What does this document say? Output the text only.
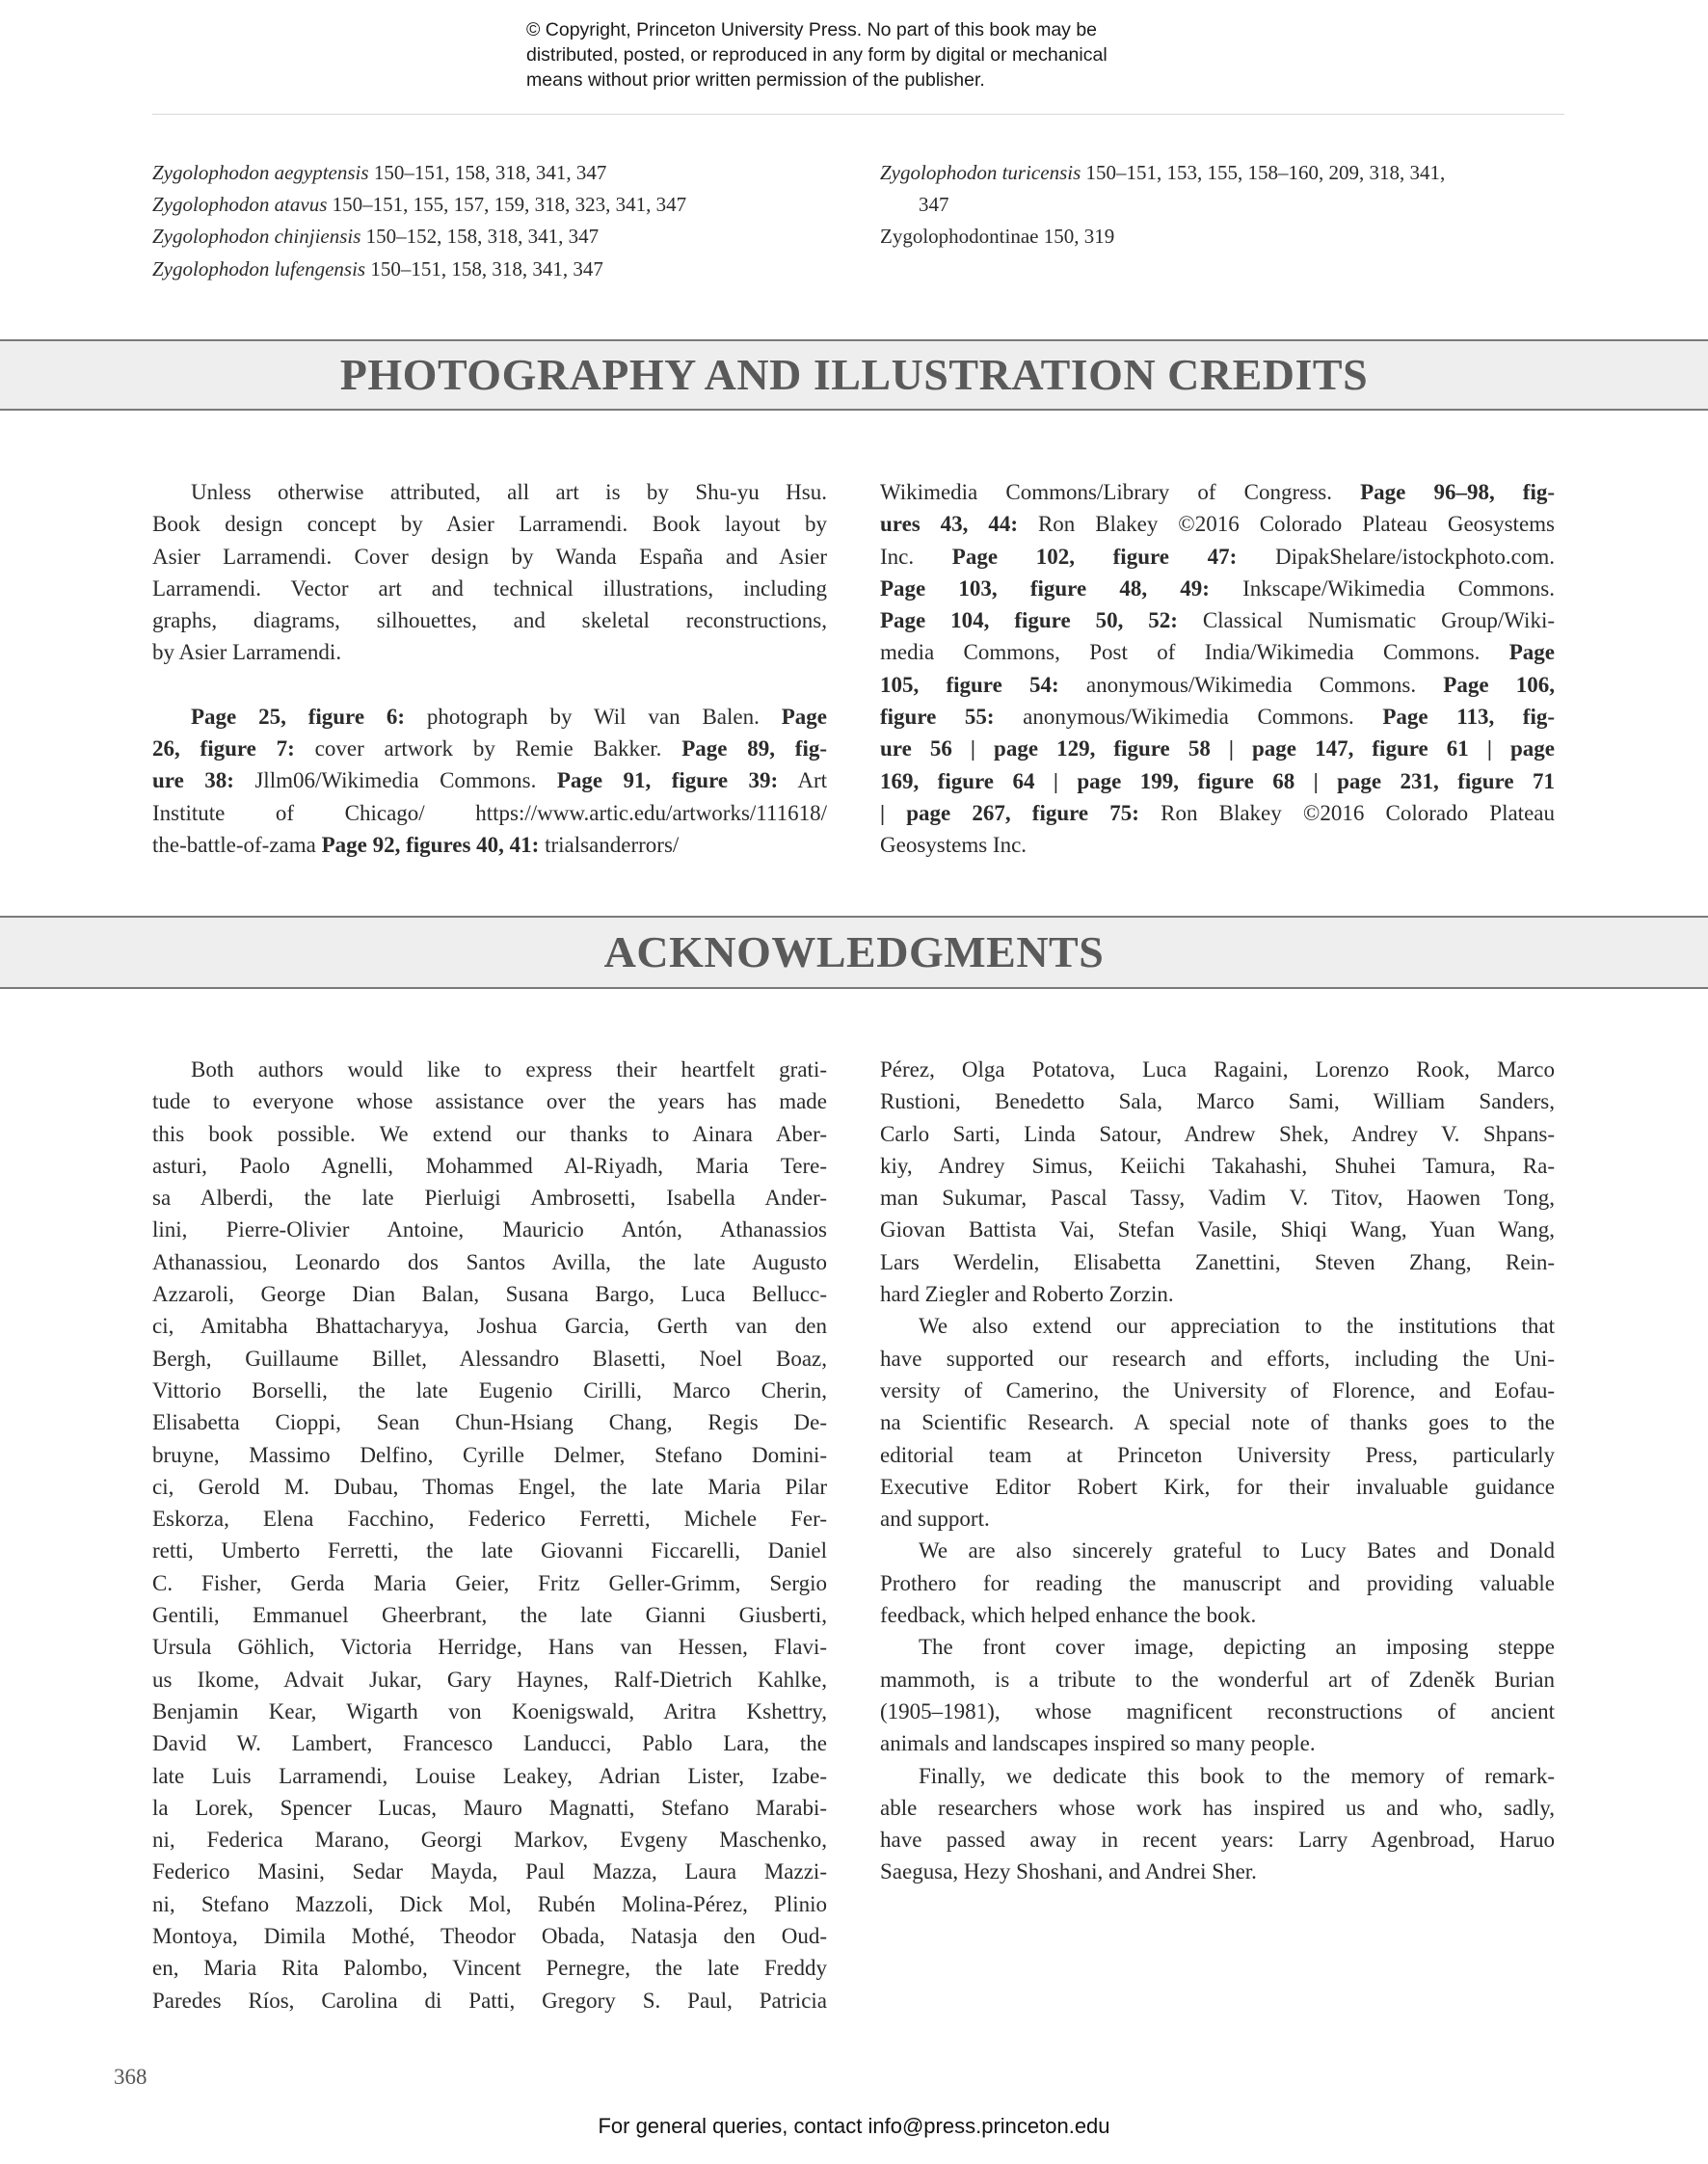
© Copyright, Princeton University Press. No part of this book may be
distributed, posted, or reproduced in any form by digital or mechanical
means without prior written permission of the publisher.
Zygolophodon aegyptensis 150–151, 158, 318, 341, 347
Zygolophodon atavus 150–151, 155, 157, 159, 318, 323, 341, 347
Zygolophodon chinjiensis 150–152, 158, 318, 341, 347
Zygolophodon lufengensis 150–151, 158, 318, 341, 347
Zygolophodon turicensis 150–151, 153, 155, 158–160, 209, 318, 341,
347
Zygolophodontinae 150, 319
PHOTOGRAPHY AND ILLUSTRATION CREDITS
Unless otherwise attributed, all art is by Shu-yu Hsu.
Book design concept by Asier Larramendi. Book layout by
Asier Larramendi. Cover design by Wanda España and Asier
Larramendi. Vector art and technical illustrations, including
graphs, diagrams, silhouettes, and skeletal reconstructions,
by Asier Larramendi.
Page 25, figure 6: photograph by Wil van Balen. Page
26, figure 7: cover artwork by Remie Bakker. Page 89, fig-
ure 38: Jllm06/Wikimedia Commons. Page 91, figure 39: Art
Institute of Chicago/ https://www.artic.edu/artworks/111618/
the-battle-of-zama Page 92, figures 40, 41: trialsanderrors/
Wikimedia Commons/Library of Congress. Page 96–98, fig-
ures 43, 44: Ron Blakey ©2016 Colorado Plateau Geosystems
Inc. Page 102, figure 47: DipakShelare/istockphoto.com.
Page 103, figure 48, 49: Inkscape/Wikimedia Commons.
Page 104, figure 50, 52: Classical Numismatic Group/Wiki-
media Commons, Post of India/Wikimedia Commons. Page
105, figure 54: anonymous/Wikimedia Commons. Page 106,
figure 55: anonymous/Wikimedia Commons. Page 113, fig-
ure 56 | page 129, figure 58 | page 147, figure 61 | page
169, figure 64 | page 199, figure 68 | page 231, figure 71
| page 267, figure 75: Ron Blakey ©2016 Colorado Plateau
Geosystems Inc.
ACKNOWLEDGMENTS
Both authors would like to express their heartfelt grati-
tude to everyone whose assistance over the years has made
this book possible. We extend our thanks to Ainara Aber-
asturi, Paolo Agnelli, Mohammed Al-Riyadh, Maria Tere-
sa Alberdi, the late Pierluigi Ambrosetti, Isabella Ander-
lini, Pierre-Olivier Antoine, Mauricio Antón, Athanassios
Athanassiou, Leonardo dos Santos Avilla, the late Augusto
Azzaroli, George Dian Balan, Susana Bargo, Luca Bellucc-
ci, Amitabha Bhattacharyya, Joshua Garcia, Gerth van den
Bergh, Guillaume Billet, Alessandro Blasetti, Noel Boaz,
Vittorio Borselli, the late Eugenio Cirilli, Marco Cherin,
Elisabetta Cioppi, Sean Chun-Hsiang Chang, Regis De-
bruyne, Massimo Delfino, Cyrille Delmer, Stefano Domini-
ci, Gerold M. Dubau, Thomas Engel, the late Maria Pilar
Eskorza, Elena Facchino, Federico Ferretti, Michele Fer-
retti, Umberto Ferretti, the late Giovanni Ficcarelli, Daniel
C. Fisher, Gerda Maria Geier, Fritz Geller-Grimm, Sergio
Gentili, Emmanuel Gheerbrant, the late Gianni Giusberti,
Ursula Göhlich, Victoria Herridge, Hans van Hessen, Flavi-
us Ikome, Advait Jukar, Gary Haynes, Ralf-Dietrich Kahlke,
Benjamin Kear, Wigarth von Koenigswald, Aritra Kshettry,
David W. Lambert, Francesco Landucci, Pablo Lara, the
late Luis Larramendi, Louise Leakey, Adrian Lister, Izabe-
la Lorek, Spencer Lucas, Mauro Magnatti, Stefano Marabi-
ni, Federica Marano, Georgi Markov, Evgeny Maschenko,
Federico Masini, Sedar Mayda, Paul Mazza, Laura Mazzi-
ni, Stefano Mazzoli, Dick Mol, Rubén Molina-Pérez, Plinio
Montoya, Dimila Mothé, Theodor Obada, Natasja den Oud-
en, Maria Rita Palombo, Vincent Pernegre, the late Freddy
Paredes Ríos, Carolina di Patti, Gregory S. Paul, Patricia
Pérez, Olga Potatova, Luca Ragaini, Lorenzo Rook, Marco
Rustioni, Benedetto Sala, Marco Sami, William Sanders,
Carlo Sarti, Linda Satour, Andrew Shek, Andrey V. Shpans-
kiy, Andrey Simus, Keiichi Takahashi, Shuhei Tamura, Ra-
man Sukumar, Pascal Tassy, Vadim V. Titov, Haowen Tong,
Giovan Battista Vai, Stefan Vasile, Shiqi Wang, Yuan Wang,
Lars Werdelin, Elisabetta Zanettini, Steven Zhang, Rein-
hard Ziegler and Roberto Zorzin.
We also extend our appreciation to the institutions that
have supported our research and efforts, including the Uni-
versity of Camerino, the University of Florence, and Eofau-
na Scientific Research. A special note of thanks goes to the
editorial team at Princeton University Press, particularly
Executive Editor Robert Kirk, for their invaluable guidance
and support.
We are also sincerely grateful to Lucy Bates and Donald
Prothero for reading the manuscript and providing valuable
feedback, which helped enhance the book.
The front cover image, depicting an imposing steppe
mammoth, is a tribute to the wonderful art of Zdeněk Burian
(1905–1981), whose magnificent reconstructions of ancient
animals and landscapes inspired so many people.
Finally, we dedicate this book to the memory of remark-
able researchers whose work has inspired us and who, sadly,
have passed away in recent years: Larry Agenbroad, Haruo
Saegusa, Hezy Shoshani, and Andrei Sher.
368
For general queries, contact info@press.princeton.edu
